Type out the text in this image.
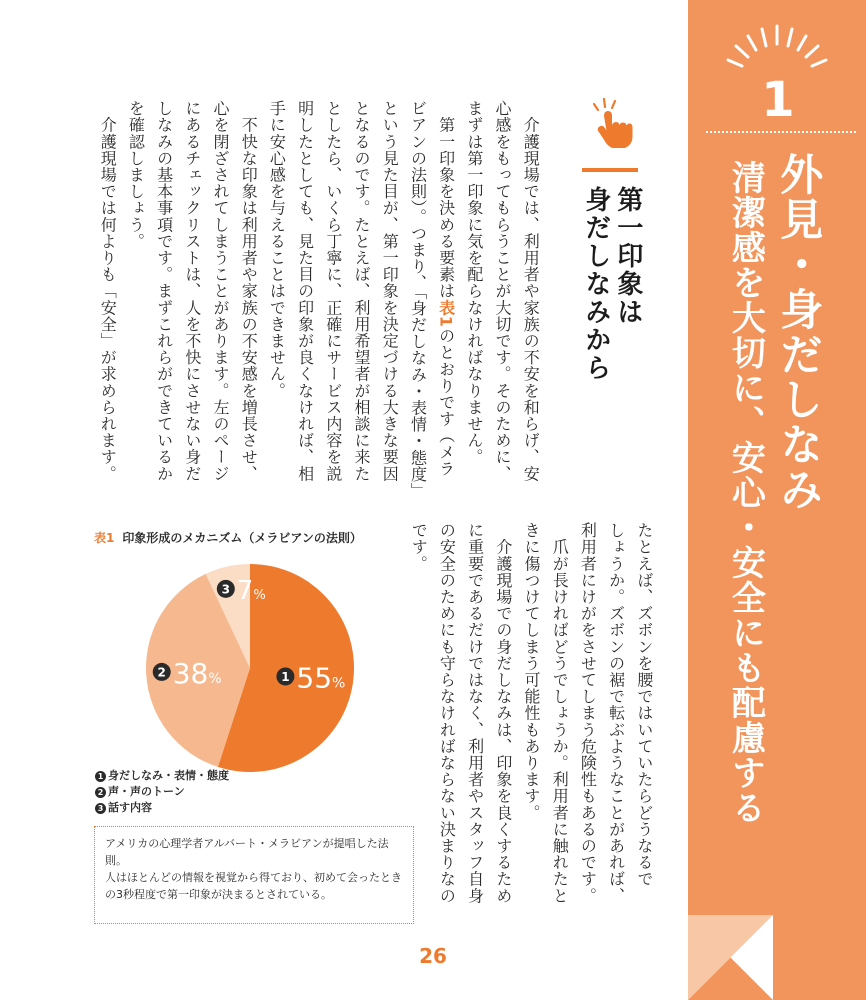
1
外見・身だしなみ
清潔感を大切に、安心・安全にも配慮する
第一印象は
身だしなみから
　介護現場では、利用者や家族の不安を和らげ、安
心感をもってもらうことが大切です。そのために、
まずは第一印象に気を配らなければなりません。
　第一印象を決める要素は表1のとおりです（メラ
ビアンの法則）。つまり、「身だしなみ・表情・態度」
という見た目が、第一印象を決定づける大きな要因
となるのです。たとえば、利用希望者が相談に来た
としたら、いくら丁寧に、正確にサービス内容を説
明したとしても、見た目の印象が良くなければ、相
手に安心感を与えることはできません。
　不快な印象は利用者や家族の不安感を増長させ、
心を閉ざされてしまうことがあります。左のページ
にあるチェックリストは、人を不快にさせない身だ
しなみの基本事項です。まずこれらができているか
を確認しましょう。
　介護現場では何よりも「安全」が求められます。
たとえば、ズボンを腰ではいていたらどうなるで
しょうか。ズボンの裾で転ぶようなことがあれば、
利用者にけがをさせてしまう危険性もあるのです。
　爪が長ければどうでしょうか。利用者に触れたと
きに傷つけてしまう可能性もあります。
　介護現場での身だしなみは、印象を良くするため
に重要であるだけではなく、利用者やスタッフ自身
の安全のためにも守らなければならない決まりなの
です。
表1 印象形成のメカニズム（メラビアンの法則）
1 55%
2 38%
3 7%
1 身だしなみ・表情・態度
2 声・声のトーン
3 話す内容

アメリカの心理学者アルバート・メラビアンが提唱した法則。

人はほとんどの情報を視覚から得ており、初めて会ったときの3秒程度で第一印象が決まるとされている。

26
